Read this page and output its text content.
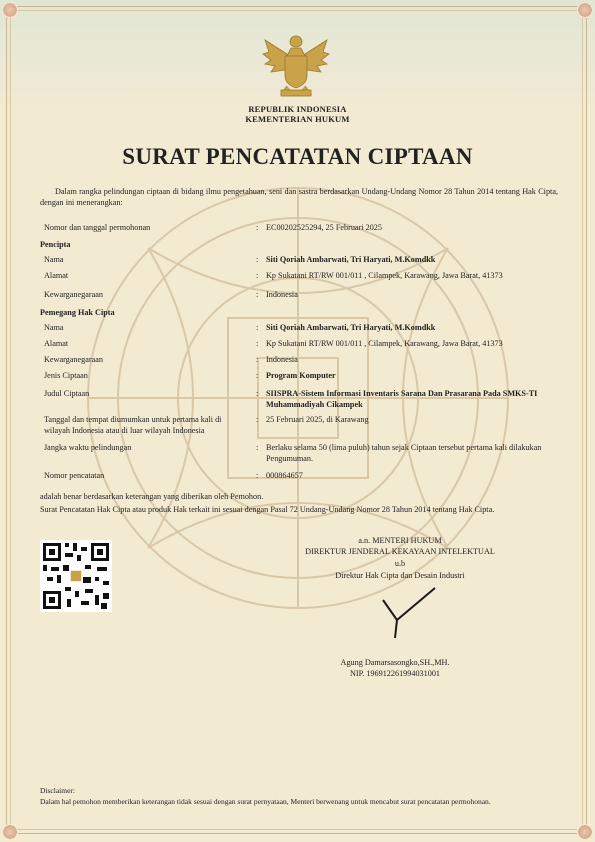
REPUBLIK INDONESIA
KEMENTERIAN HUKUM
SURAT PENCATATAN CIPTAAN
Dalam rangka pelindungan ciptaan di bidang ilmu pengetahuan, seni dan sastra berdasarkan Undang-Undang Nomor 28 Tahun 2014 tentang Hak Cipta, dengan ini menerangkan:
Nomor dan tanggal permohonan	: EC00202525294, 25 Februari 2025
Pencipta
Nama	: Siti Qoriah Ambarwati, Tri Haryati, M.Komdkk
Alamat	: Kp Sukatani RT/RW 001/011 , Cilampek, Karawang, Jawa Barat, 41373
Kewarganegaraan	: Indonesia
Pemegang Hak Cipta
Nama	: Siti Qoriah Ambarwati, Tri Haryati, M.Komdkk
Alamat	: Kp Sukatani RT/RW 001/011 , Cilampek, Karawang, Jawa Barat, 41373
Kewarganegaraan	: Indonesia
Jenis Ciptaan	: Program Komputer
Judul Ciptaan	: SIISPRA-Sistem Informasi Inventaris Sarana Dan Prasarana Pada SMKS-TI Muhammadiyah Cikampek
Tanggal dan tempat diumumkan untuk pertama kali di wilayah Indonesia atau di luar wilayah Indonesia
: 25 Februari 2025, di Karawang
Jangka waktu pelindungan	: Berlaku selama 50 (lima puluh) tahun sejak Ciptaan tersebut pertama kali dilakukan Pengumuman.
Nomor pencatatan	: 000864657
adalah benar berdasarkan keterangan yang diberikan oleh Pemohon.
Surat Pencatatan Hak Cipta atau produk Hak terkait ini sesuai dengan Pasal 72 Undang-Undang Nomor 28 Tahun 2014 tentang Hak Cipta.
a.n. MENTERI HUKUM
DIREKTUR JENDERAL KEKAYAAN INTELEKTUAL
u.b
Direktur Hak Cipta dan Desain Industri
Agung Damarsasongko,SH.,MH.
NIP. 196912261994031001
Disclaimer:
Dalam hal pemohon memberikan keterangan tidak sesuai dengan surat pernyataan, Menteri berwenang untuk mencabut surat pencatatan permohonan.
